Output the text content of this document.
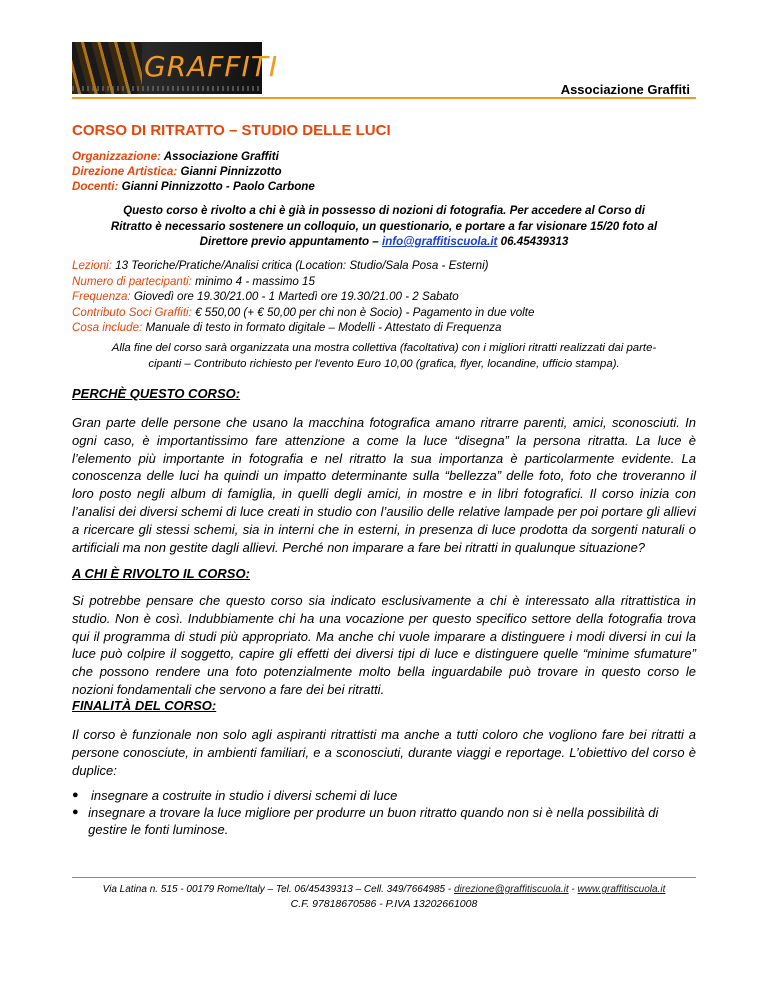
GRAFFITI
Associazione Graffiti
CORSO DI RITRATTO – STUDIO DELLE LUCI
Organizzazione: Associazione Graffiti
Direzione Artistica: Gianni Pinnizzotto
Docenti: Gianni Pinnizzotto - Paolo Carbone
Questo corso è rivolto a chi è già in possesso di nozioni di fotografia. Per accedere al Corso di
Ritratto è necessario sostenere un colloquio, un questionario, e portare a far visionare 15/20 foto al
Direttore previo appuntamento – info@graffitiscuola.it 06.45439313
Lezioni: 13 Teoriche/Pratiche/Analisi critica (Location: Studio/Sala Posa - Esterni)
Numero di partecipanti: minimo 4 - massimo 15
Frequenza: Giovedì ore 19.30/21.00 - 1 Martedì ore 19.30/21.00 - 2 Sabato
Contributo Soci Graffiti: € 550,00 (+ € 50,00 per chi non è Socio) - Pagamento in due volte
Cosa include: Manuale di testo in formato digitale – Modelli - Attestato di Frequenza
Alla fine del corso sarà organizzata una mostra collettiva (facoltativa) con i migliori ritratti realizzati dai parte-
cipanti – Contributo richiesto per l'evento Euro 10,00 (grafica, flyer, locandine, ufficio stampa).
PERCHÈ QUESTO CORSO:
Gran parte delle persone che usano la macchina fotografica amano ritrarre parenti, amici, sconosciuti. In ogni caso, è importantissimo fare attenzione a come la luce “disegna” la persona ritratta. La luce è l’elemento più importante in fotografia e nel ritratto la sua importanza è particolarmente evidente. La conoscenza delle luci ha quindi un impatto determinante sulla “bellezza” delle foto, foto che troveranno il loro posto negli album di famiglia, in quelli degli amici, in mostre e in libri fotografici. Il corso inizia con l’analisi dei diversi schemi di luce creati in studio con l’ausilio delle relative lampade per poi portare gli allievi a ricercare gli stessi schemi, sia in interni che in esterni, in presenza di luce prodotta da sorgenti naturali o artificiali ma non gestite dagli allievi. Perché non imparare a fare bei ritratti in qualunque situazione?
A CHI È RIVOLTO IL CORSO:
Si potrebbe pensare che questo corso sia indicato esclusivamente a chi è interessato alla ritrattistica in studio. Non è così. Indubbiamente chi ha una vocazione per questo specifico settore della fotografia trova qui il programma di studi più appropriato. Ma anche chi vuole imparare a distinguere i modi diversi in cui la luce può colpire il soggetto, capire gli effetti dei diversi tipi di luce e distinguere quelle “minime sfumature” che possono rendere una foto potenzialmente molto bella inguardabile può trovare in questo corso le nozioni fondamentali che servono a fare dei bei ritratti.
FINALITÀ DEL CORSO:
Il corso è funzionale non solo agli aspiranti ritrattisti ma anche a tutti coloro che vogliono fare bei ritratti a persone conosciute, in ambienti familiari, e a sconosciuti, durante viaggi e reportage. L’obiettivo del corso è duplice:
● insegnare a costruite in studio i diversi schemi di luce
● insegnare a trovare la luce migliore per produrre un buon ritratto quando non si è nella possibilità di gestire le fonti luminose.
Via Latina n. 515 - 00179 Rome/Italy – Tel. 06/45439313 – Cell. 349/7664985 - direzione@graffitiscuola.it - www.graffitiscuola.it
C.F. 97818670586 - P.IVA 13202661008
